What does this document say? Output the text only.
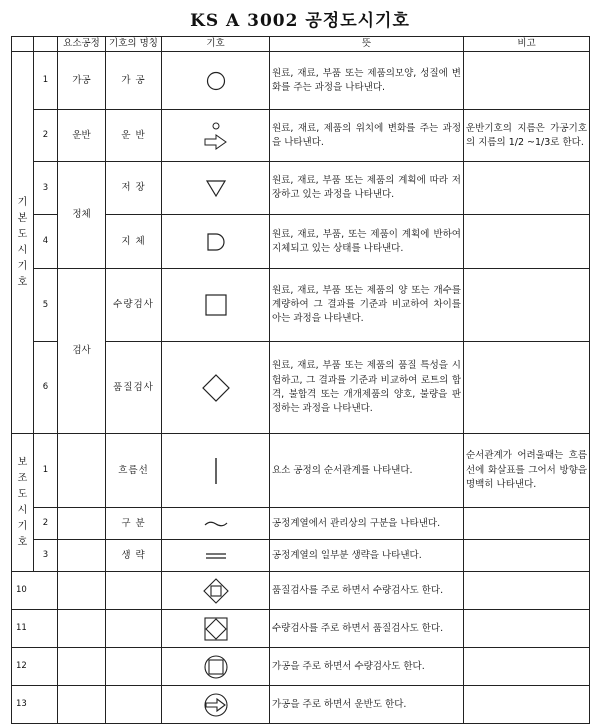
KS A 3002 공정도시기호
		요소공정	기호의 명칭	기호	뜻	비고
기본도시기호	1	가공	가 공		원료, 재료, 부품 또는 제품의모양, 성질에 변화를 주는 과정을 나타낸다.	
	2	운반	운 반		원료, 재료, 제품의 위치에 변화를 주는 과정을 나타낸다.	운반기호의 지름은 가공기호의 지름의 1/2 ~1/3로 한다.
	3	정체	저 장		원료, 재료, 부품 또는 제품의 계획에 따라 저장하고 있는 과정을 나타낸다.	
	4		지 체		원료, 재료, 부품, 또는 제품이 계획에 반하여 지체되고 있는 상태를 나타낸다.	
	5	검사	수량검사		원료, 재료, 부품 또는 제품의 양 또는 개수를 계량하여 그 결과를 기준과 비교하여 차이를 아는 과정을 나타낸다.	
	6		품질검사		원료, 재료, 부품 또는 제품의 품질 특성을 시험하고, 그 결과를 기준과 비교하여 로트의 합격, 불합격 또는 개개제품의 양호, 불량을 판정하는 과정을 나타낸다.	
보조도시기호	1		흐름선		요소 공정의 순서관계를 나타낸다.	순서관계가 어려울때는 흐름선에 화살표를 그어서 방향을 명백히 나타낸다.
	2		구 분		공정계열에서 관리상의 구분을 나타낸다.	
	3		생 략		공정계열의 일부분 생략을 나타낸다.	
10					품질검사를 주로 하면서 수량검사도 한다.	
11					수량검사를 주로 하면서 품질검사도 한다.	
12					가공을 주로 하면서 수량검사도 한다.	
13					가공을 주로 하면서 운반도 한다.	
